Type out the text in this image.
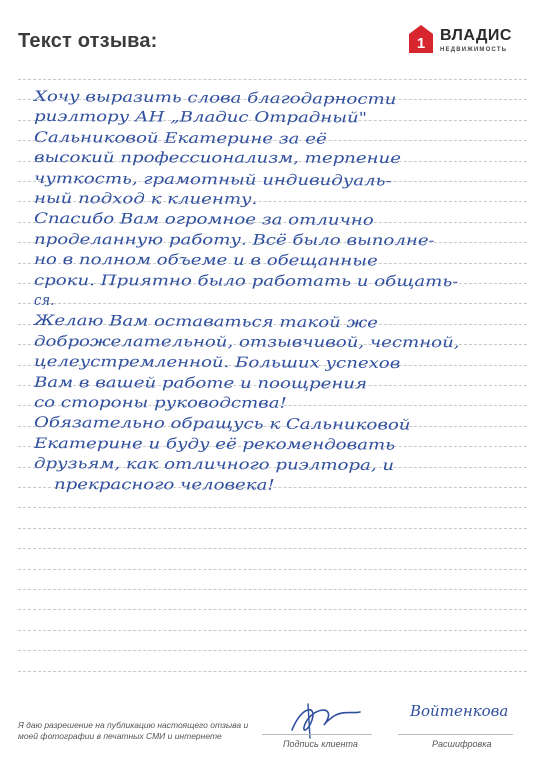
Текст отзыва:	1 ВЛАДИС
НЕДВИЖИМОСТЬ
Хочу выразить слова благодарности
риэлтору АН „Владис Отрадный"
Сальниковой Екатерине за её
высокий профессионализм, терпение
чуткость, грамотный индивидуаль-
ный подход к клиенту.
Спасибо Вам огромное за отлично
проделанную работу. Всё было выполне-
но в полном объеме и в обещанные
сроки. Приятно было работать и общать-
ся.
Желаю Вам оставаться такой же
доброжелательной, отзывчивой, честной,
целеустремленной. Больших успехов
Вам в вашей работе и поощрения
со стороны руководства!
Обязательно обращусь к Сальниковой
Екатерине и буду её рекомендовать
друзьям, как отличного риэлтора, и
прекрасного человека!
Я даю разрешение на публикацию настоящего отзыва и моей фотографии в печатных СМИ и интернете
Подпись клиента
Войтенкова
Расшифровка
